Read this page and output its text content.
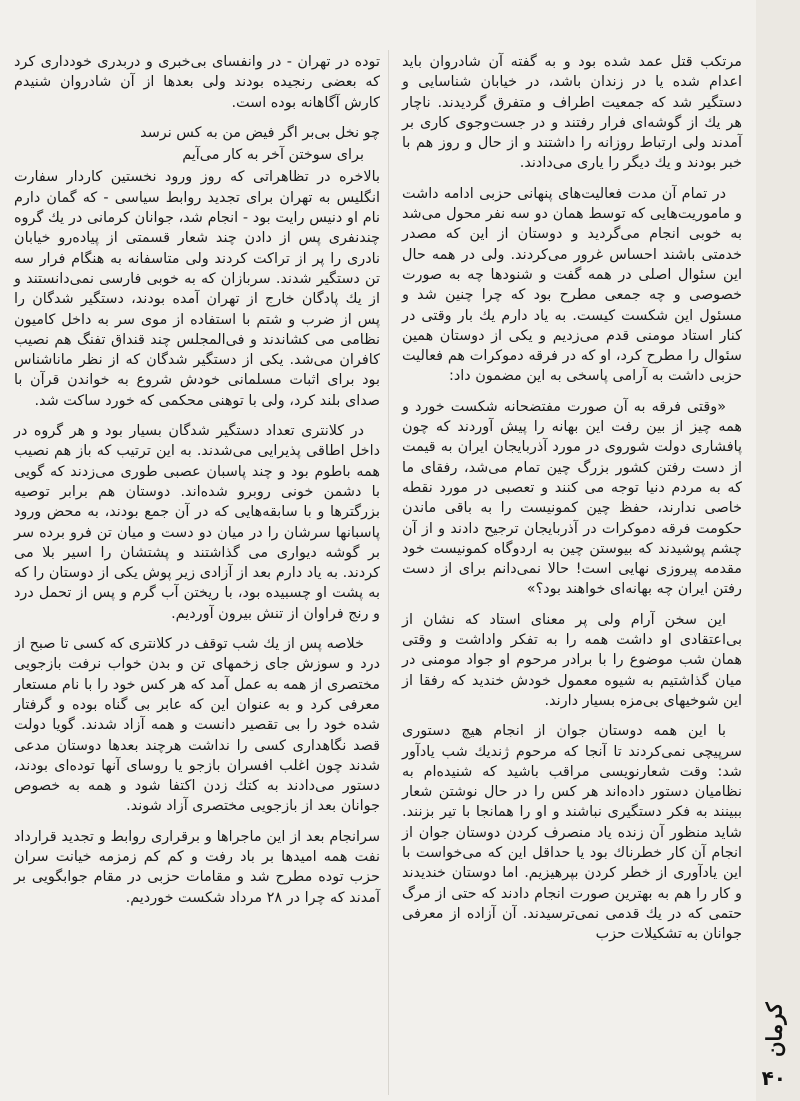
مرتکب قتل عمد شده بود و به گفته آن شادروان باید اعدام شده یا در زندان باشد، در خیابان شناسایی و دستگیر شد که جمعیت اطراف و متفرق گردیدند. ناچار هر یك از گوشه‌ای فرار رفتند و در جست‌وجوی کاری بر آمدند ولی ارتباط روزانه را داشتند و از حال و روز هم با خبر بودند و یك دیگر را یاری می‌دادند.

در تمام آن مدت فعالیت‌های پنهانی حزبی ادامه داشت و ماموریت‌هایی که توسط همان دو سه نفر محول می‌شد به خوبی انجام می‌گردید و دوستان از این که مصدر خدمتی باشند احساس غرور می‌کردند. ولی در همه حال این سئوال اصلی در همه گفت و شنودها چه به صورت خصوصی و چه جمعی مطرح بود که چرا چنین شد و مسئول این شکست کیست. به یاد دارم یك بار وقتی در کنار استاد مومنی قدم می‌زدیم و یکی از دوستان همین سئوال را مطرح کرد، او که در فرقه دموکرات هم فعالیت حزبی داشت به آرامی پاسخی به این مضمون داد:

«وقتی فرقه به آن صورت مفتضحانه شکست خورد و همه چیز از بین رفت این بهانه را پیش آوردند که چون پافشاری دولت شوروی در مورد آذربایجان ایران به قیمت از دست رفتن کشور بزرگ چین تمام می‌شد، رفقای ما که به مردم دنیا توجه می کنند و تعصبی در مورد نقطه خاصی ندارند، حفظ چین کمونیست را به باقی ماندن حکومت فرقه دموکرات در آذربایجان ترجیح دادند و از آن چشم پوشیدند که بیوستن چین به اردوگاه کمونیست خود مقدمه پیروزی نهایی است! حالا نمی‌دانم برای از دست رفتن ایران چه بهانه‌ای خواهند بود؟»

این سخن آرام ولی پر معنای استاد که نشان از بی‌اعتقادی او داشت همه را به تفکر واداشت و وقتی همان شب موضوع را با برادر مرحوم او جواد مومنی در میان گذاشتیم به شیوه معمول خودش خندید که رفقا از این شوخیهای بی‌مزه بسیار دارند.

با این همه دوستان جوان از انجام هیچ دستوری سرپیچی نمی‌کردند تا آنجا که مرحوم ژندیك شب یادآور شد: وقت شعارنویسی مراقب باشید که شنیده‌ام به نظامیان دستور داده‌اند هر کس را در حال نوشتن شعار ببینند به فکر دستگیری نباشند و او را همانجا با تیر بزنند. شاید منظور آن زنده یاد منصرف کردن دوستان جوان از انجام آن کار خطرناك بود یا حداقل این که می‌خواست با این یادآوری از خطر کردن بپرهیزیم. اما دوستان خندیدند و کار را هم به بهترین صورت انجام دادند که حتی از مرگ حتمی که در یك قدمی نمی‌ترسیدند. آن آزاده از معرفی جوانان به تشکیلات حزب

توده در تهران - در وانفسای بی‌خبری و دربدری خودداری کرد که بعضی رنجیده بودند ولی بعدها از آن شادروان شنیدم کارش آگاهانه بوده است.

چو نخل بی‌بر اگر فیض من به کس نرسد

برای سوختن آخر به کار می‌آیم

بالاخره در تظاهراتی که روز ورود نخستین کاردار سفارت انگلیس به تهران برای تجدید روابط سیاسی - که گمان دارم نام او دنیس رایت بود - انجام شد، جوانان کرمانی در یك گروه چندنفری پس از دادن چند شعار قسمتی از پیاده‌رو خیابان نادری را پر از تراکت کردند ولی متاسفانه به هنگام فرار سه تن دستگیر شدند. سربازان که به خوبی فارسی نمی‌دانستند و از یك پادگان خارج از تهران آمده بودند، دستگیر شدگان را پس از ضرب و شتم با استفاده از موی سر به داخل کامیون نظامی می کشاندند و فی‌المجلس چند قنداق تفنگ هم نصیب کافران می‌شد. یکی از دستگیر شدگان که از نظر ماناشناس بود برای اثبات مسلمانی خودش شروع به خواندن قرآن با صدای بلند کرد، ولی با توهنی محکمی که خورد ساکت شد.

در کلانتری تعداد دستگیر شدگان بسیار بود و هر گروه در داخل اطاقی پذیرایی می‌شدند. به این ترتیب که باز هم نصیب همه باطوم بود و چند پاسبان عصبی طوری می‌زدند که گویی با دشمن خونی روبرو شده‌اند. دوستان هم برابر توصیه بزرگترها و با سابقه‌هایی که در آن جمع بودند، به محض ورود پاسبانها سرشان را در میان دو دست و میان تن فرو برده سر بر گوشه دیواری می گذاشتند و پشتشان را اسیر بلا می کردند. به یاد دارم بعد از آزادی زیر پوش یکی از دوستان را که به پشت او چسبیده بود، با ریختن آب گرم و پس از تحمل درد و رنج فراوان از تنش بیرون آوردیم.

خلاصه پس از یك شب توقف در کلانتری که کسی تا صبح از درد و سوزش جای زخمهای تن و بدن خواب نرفت بازجویی مختصری از همه به عمل آمد که هر کس خود را با نام مستعار معرفی کرد و به عنوان این که عابر بی گناه بوده و گرفتار شده خود را بی تقصیر دانست و همه آزاد شدند. گویا دولت قصد نگاهداری کسی را نداشت هرچند بعدها دوستان مدعی شدند چون اغلب افسران بازجو یا روسای آنها توده‌ای بودند، دستور می‌دادند به کتك زدن اکتفا شود و همه به خصوص جوانان بعد از بازجویی مختصری آزاد شوند.

سرانجام بعد از این ماجراها و برقراری روابط و تجدید قرارداد نفت همه امیدها بر باد رفت و کم کم زمزمه خیانت سران حزب توده مطرح شد و مقامات حزبی در مقام جوابگویی بر آمدند که چرا در ۲۸ مرداد شکست خوردیم.

کرمان
۴۰
